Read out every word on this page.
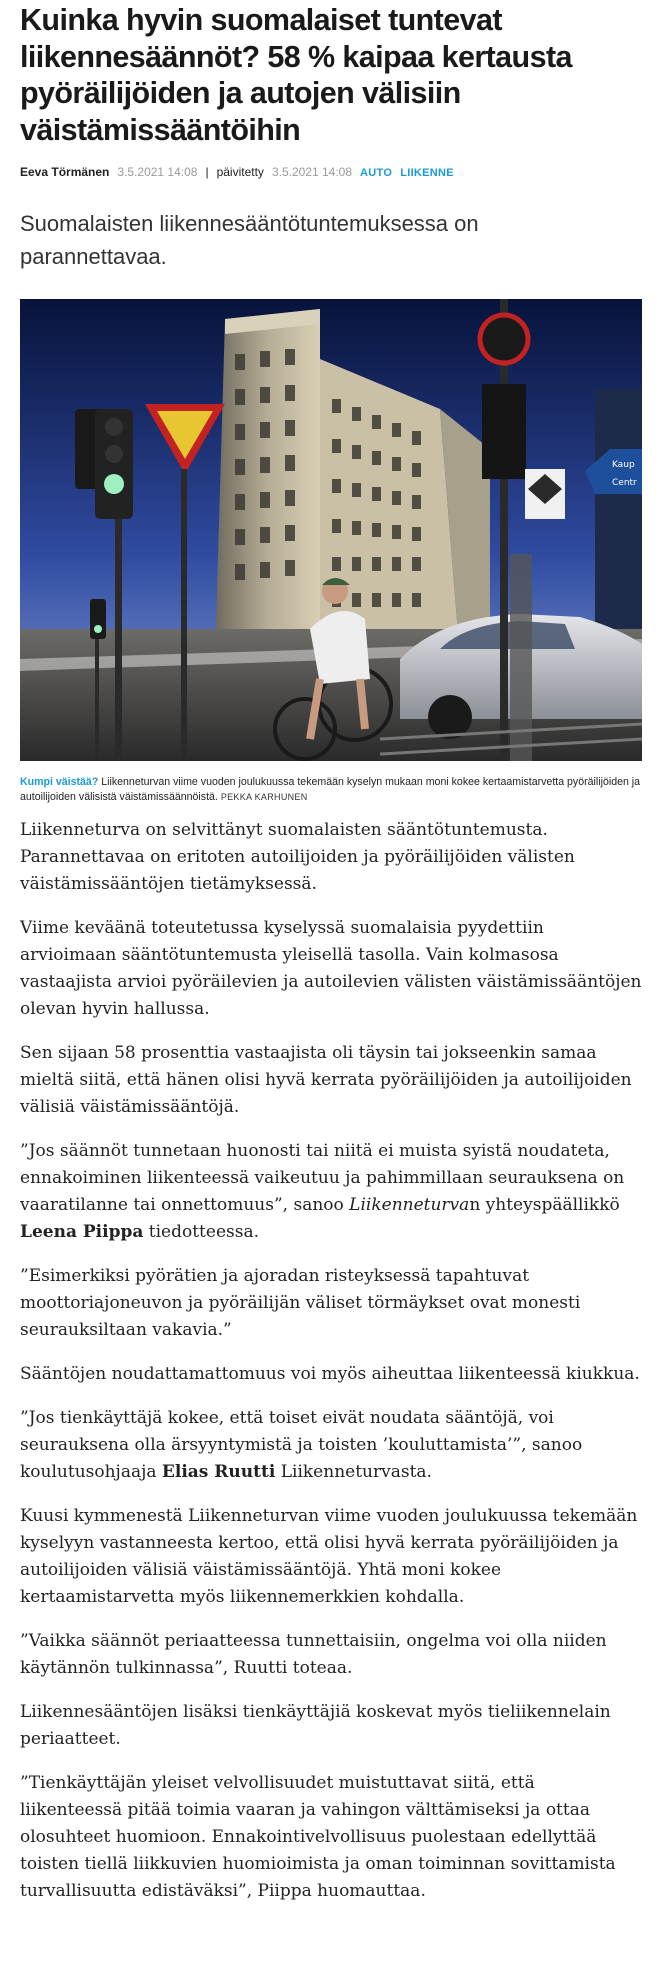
Kuinka hyvin suomalaiset tuntevat liikennesäännöt? 58 % kaipaa kertausta pyöräilijöiden ja autojen välisiin väistämissääntöihin
Eeva Törmänen 3.5.2021 14:08 | päivitetty 3.5.2021 14:08 AUTO LIIKENNE

Suomalaisten liikennesääntötuntemuksessa on parannettavaa.

Kaup
Centr
Kumpi väistää? Liikenneturvan viime vuoden joulukuussa tekemään kyselyn mukaan moni kokee kertaamistarvetta pyöräilijöiden ja autoilijoiden välisistä väistämissäännöistä. PEKKA KARHUNEN

Liikenneturva on selvittänyt suomalaisten sääntötuntemusta. Parannettavaa on eritoten autoilijoiden ja pyöräilijöiden välisten väistämissääntöjen tietämyksessä.

Viime keväänä toteutetussa kyselyssä suomalaisia pyydettiin arvioimaan sääntötuntemusta yleisellä tasolla. Vain kolmasosa vastaajista arvioi pyöräilevien ja autoilevien välisten väistämissääntöjen olevan hyvin hallussa.

Sen sijaan 58 prosenttia vastaajista oli täysin tai jokseenkin samaa mieltä siitä, että hänen olisi hyvä kerrata pyöräilijöiden ja autoilijoiden välisiä väistämissääntöjä.

”Jos säännöt tunnetaan huonosti tai niitä ei muista syistä noudateta, ennakoiminen liikenteessä vaikeutuu ja pahimmillaan seurauksena on vaaratilanne tai onnettomuus”, sanoo Liikenneturvan yhteyspäällikkö Leena Piippa tiedotteessa.

”Esimerkiksi pyörätien ja ajoradan risteyksessä tapahtuvat moottoriajoneuvon ja pyöräilijän väliset törmäykset ovat monesti seurauksiltaan vakavia.”

Sääntöjen noudattamattomuus voi myös aiheuttaa liikenteessä kiukkua.

”Jos tienkäyttäjä kokee, että toiset eivät noudata sääntöjä, voi seurauksena olla ärsyyntymistä ja toisten ’kouluttamista’”, sanoo koulutusohjaaja Elias Ruutti Liikenneturvasta.

Kuusi kymmenestä Liikenneturvan viime vuoden joulukuussa tekemään kyselyyn vastanneesta kertoo, että olisi hyvä kerrata pyöräilijöiden ja autoilijoiden välisiä väistämissääntöjä. Yhtä moni kokee kertaamistarvetta myös liikennemerkkien kohdalla.

”Vaikka säännöt periaatteessa tunnettaisiin, ongelma voi olla niiden käytännön tulkinnassa”, Ruutti toteaa.

Liikennesääntöjen lisäksi tienkäyttäjiä koskevat myös tieliikennelain periaatteet.

”Tienkäyttäjän yleiset velvollisuudet muistuttavat siitä, että liikenteessä pitää toimia vaaran ja vahingon välttämiseksi ja ottaa olosuhteet huomioon. Ennakointivelvollisuus puolestaan edellyttää toisten tiellä liikkuvien huomioimista ja oman toiminnan sovittamista turvallisuutta edistäväksi”, Piippa huomauttaa.
